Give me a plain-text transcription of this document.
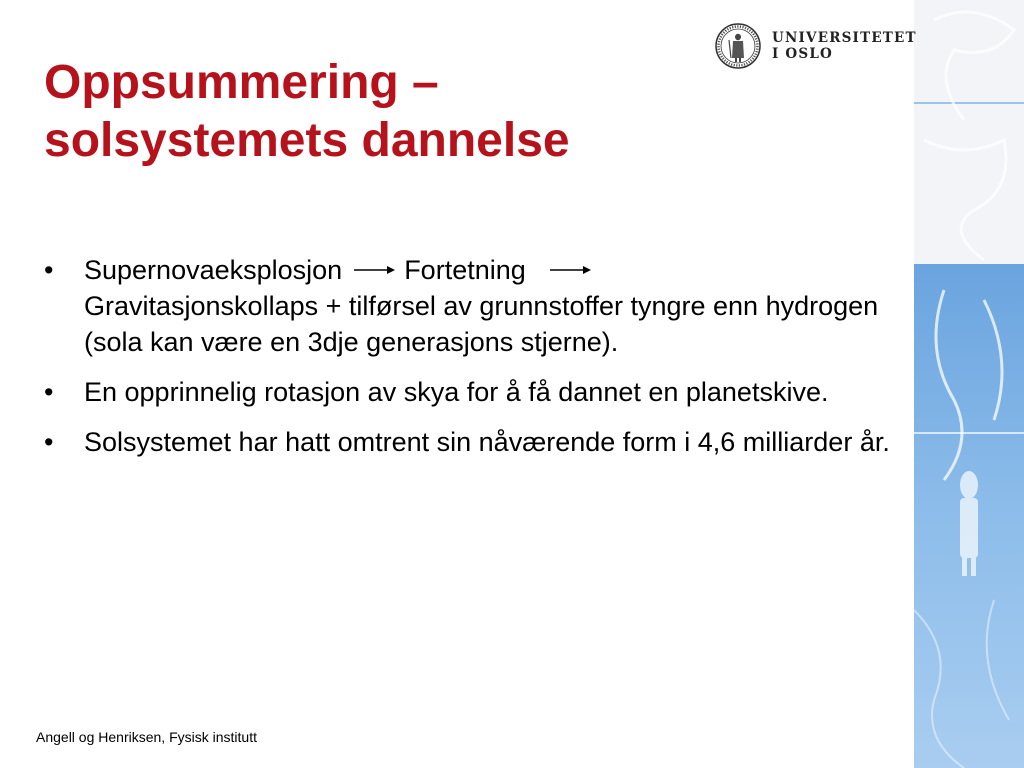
UNIVERSITETET
I OSLO
Oppsummering –
solsystemets dannelse
• Supernovaeksplosjon Fortetning
Gravitasjonskollaps + tilførsel av grunnstoffer tyngre enn hydrogen (sola kan være en 3dje generasjons stjerne).
• En opprinnelig rotasjon av skya for å få dannet en planetskive.
• Solsystemet har hatt omtrent sin nåværende form i 4,6 milliarder år.
Angell og Henriksen, Fysisk institutt
